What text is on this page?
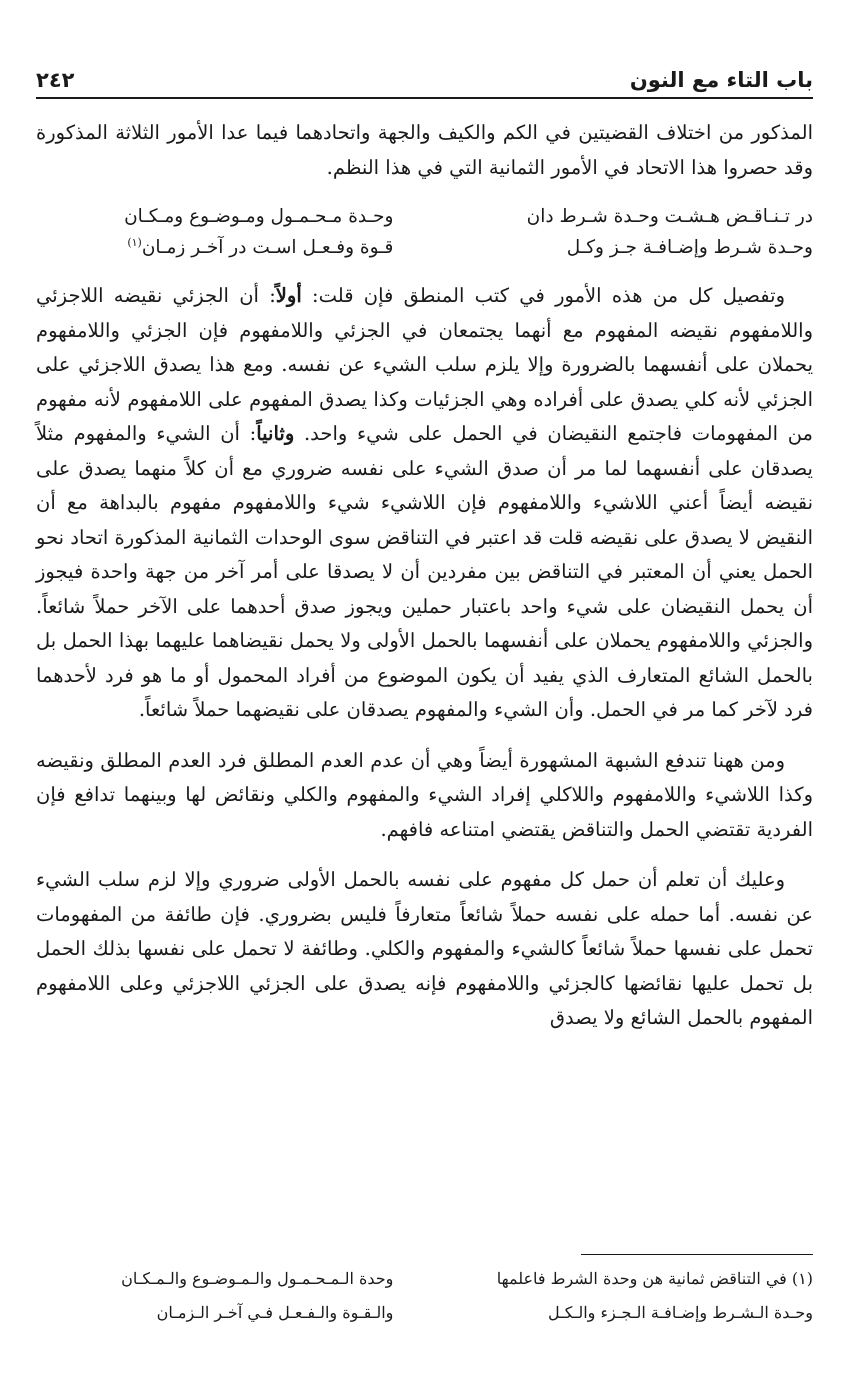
باب التاء مع النون
٢٤٢

المذكور من اختلاف القضيتين في الكم والكيف والجهة واتحادهما فيما عدا الأمور الثلاثة المذكورة وقد حصروا هذا الاتحاد في الأمور الثمانية التي في هذا النظم.

در تـنـاقـض هـشـت وحـدة شـرط دان
وحـدة مـحـمـول ومـوضـوع ومـكـان
وحـدة شـرط وإضـافـة جـز وكـل
قـوة وفـعـل اسـت در آخـر زمـان$^{(١)}$

وتفصيل كل من هذه الأمور في كتب المنطق فإن قلت: أولاً: أن الجزئي نقيضه اللاجزئي واللامفهوم نقيضه المفهوم مع أنهما يجتمعان في الجزئي واللامفهوم فإن الجزئي واللامفهوم يحملان على أنفسهما بالضرورة وإلا يلزم سلب الشيء عن نفسه. ومع هذا يصدق اللاجزئي على الجزئي لأنه كلي يصدق على أفراده وهي الجزئيات وكذا يصدق المفهوم على اللامفهوم لأنه مفهوم من المفهومات فاجتمع النقيضان في الحمل على شيء واحد. وثانياً: أن الشيء والمفهوم مثلاً يصدقان على أنفسهما لما مر أن صدق الشيء على نفسه ضروري مع أن كلاً منهما يصدق على نقيضه أيضاً أعني اللاشيء واللامفهوم فإن اللاشيء شيء واللامفهوم مفهوم بالبداهة مع أن النقيض لا يصدق على نقيضه قلت قد اعتبر في التناقض سوى الوحدات الثمانية المذكورة اتحاد نحو الحمل يعني أن المعتبر في التناقض بين مفردين أن لا يصدقا على أمر آخر من جهة واحدة فيجوز أن يحمل النقيضان على شيء واحد باعتبار حملين ويجوز صدق أحدهما على الآخر حملاً شائعاً. والجزئي واللامفهوم يحملان على أنفسهما بالحمل الأولى ولا يحمل نقيضاهما عليهما بهذا الحمل بل بالحمل الشائع المتعارف الذي يفيد أن يكون الموضوع من أفراد المحمول أو ما هو فرد لأحدهما فرد لآخر كما مر في الحمل. وأن الشيء والمفهوم يصدقان على نقيضهما حملاً شائعاً.

ومن ههنا تندفع الشبهة المشهورة أيضاً وهي أن عدم العدم المطلق فرد العدم المطلق ونقيضه وكذا اللاشيء واللامفهوم واللاكلي إفراد الشيء والمفهوم والكلي ونقائض لها وبينهما تدافع فإن الفردية تقتضي الحمل والتناقض يقتضي امتناعه فافهم.

وعليك أن تعلم أن حمل كل مفهوم على نفسه بالحمل الأولى ضروري وإلا لزم سلب الشيء عن نفسه. أما حمله على نفسه حملاً شائعاً متعارفاً فليس بضروري. فإن طائفة من المفهومات تحمل على نفسها حملاً شائعاً كالشيء والمفهوم والكلي. وطائفة لا تحمل على نفسها بذلك الحمل بل تحمل عليها نقائضها كالجزئي واللامفهوم فإنه يصدق على الجزئي اللاجزئي وعلى اللامفهوم المفهوم بالحمل الشائع ولا يصدق

(١) في التناقض ثمانية هن وحدة الشرط فاعلمها
وحدة الـمـحـمـول والـمـوضـوع والـمـكـان
وحـدة الـشـرط وإضـافـة الـجـزء والـكـل
والـقـوة والـفـعـل فـي آخـر الـزمـان
